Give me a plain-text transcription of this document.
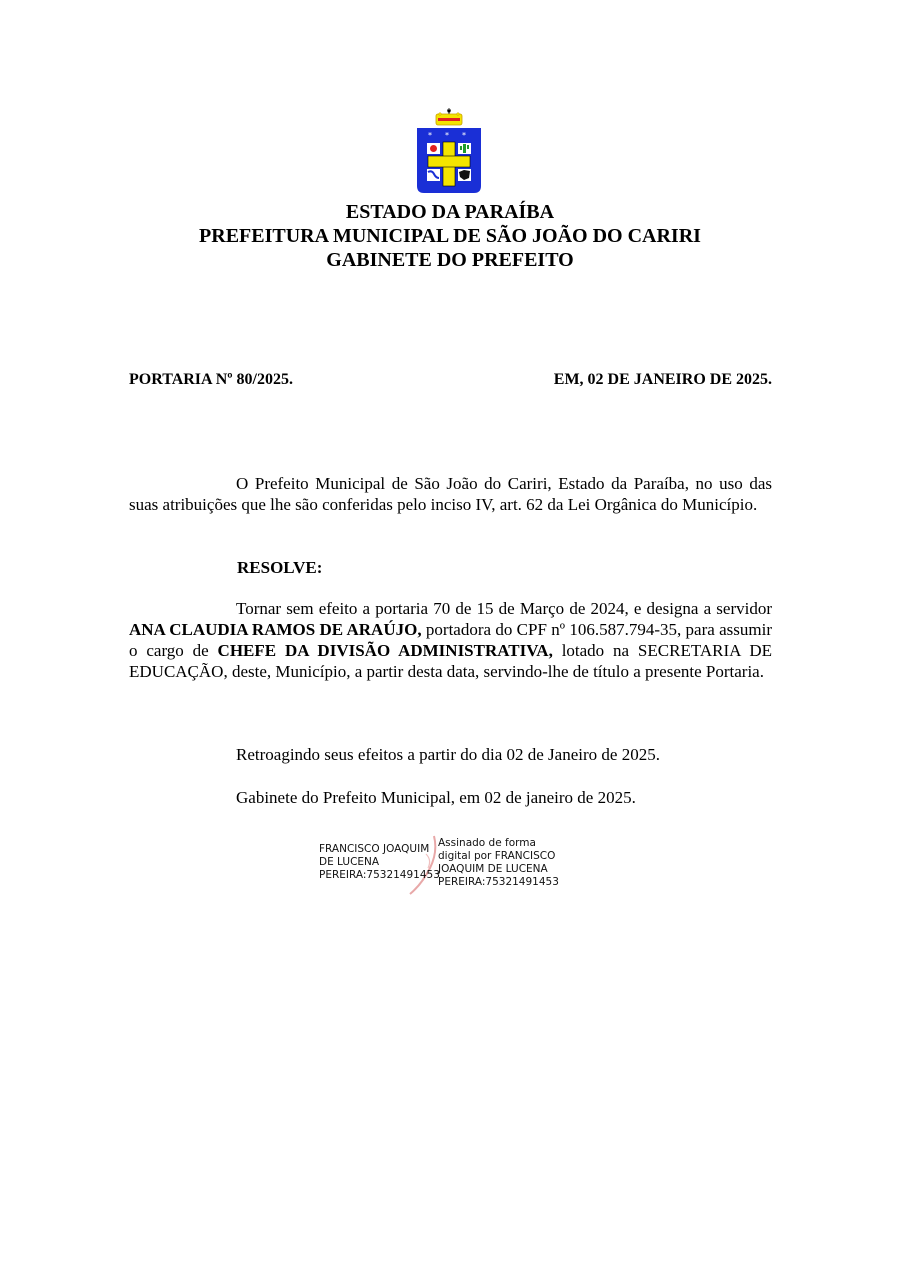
* * *
ESTADO DA PARAÍBA
PREFEITURA MUNICIPAL DE SÃO JOÃO DO CARIRI
GABINETE DO PREFEITO
PORTARIA Nº 80/2025.	EM, 02 DE JANEIRO DE 2025.
O Prefeito Municipal de São João do Cariri, Estado da Paraíba, no uso das suas atribuições que lhe são conferidas pelo inciso IV, art. 62 da Lei Orgânica do Município.
RESOLVE:
Tornar sem efeito a portaria 70 de 15 de Março de 2024, e designa a servidor ANA CLAUDIA RAMOS DE ARAÚJO, portadora do CPF nº 106.587.794-35, para assumir o cargo de CHEFE DA DIVISÃO ADMINISTRATIVA, lotado na SECRETARIA DE EDUCAÇÃO, deste, Município, a partir desta data, servindo-lhe de título a presente Portaria.
Retroagindo seus efeitos a partir do dia 02 de Janeiro de 2025.
Gabinete do Prefeito Municipal, em 02 de janeiro de 2025.
FRANCISCO JOAQUIM
DE LUCENA
PEREIRA:75321491453
Assinado de forma
digital por FRANCISCO
JOAQUIM DE LUCENA
PEREIRA:75321491453
